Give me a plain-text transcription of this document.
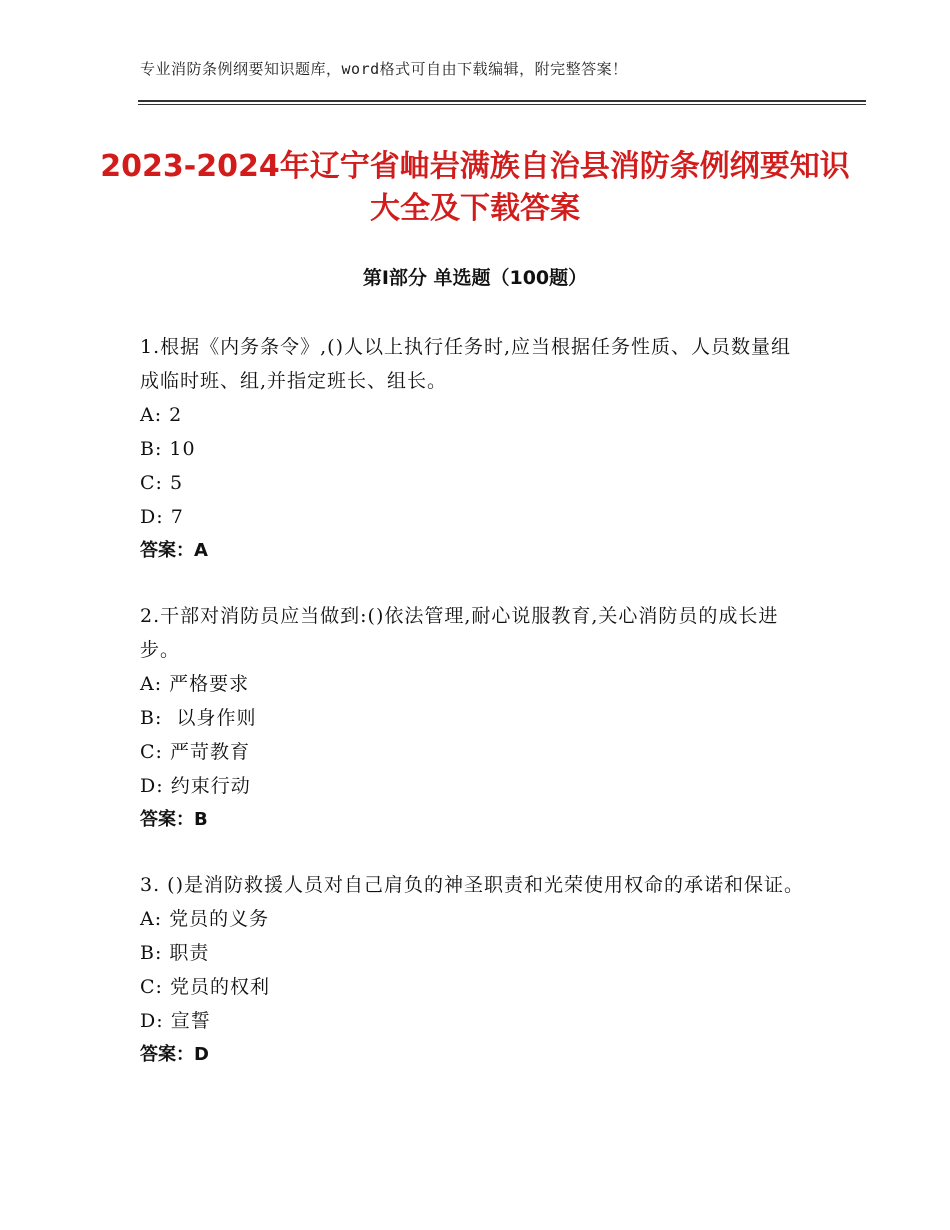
专业消防条例纲要知识题库，word格式可自由下载编辑，附完整答案！
2023-2024年辽宁省岫岩满族自治县消防条例纲要知识大全及下载答案
第Ⅰ部分 单选题（100题）

1.根据《内务条令》,()人以上执行任务时,应当根据任务性质、人员数量组成临时班、组,并指定班长、组长。

A:
2
B:
10
C:
5
D:
7
答案： A

2.干部对消防员应当做到:()依法管理,耐心说服教育,关心消防员的成长进步。

A:
严格要求
B:
以身作则
C:
严苛教育
D:
约束行动
答案： B

3. ()是消防救援人员对自己肩负的神圣职责和光荣使用权命的承诺和保证。

A:
党员的义务
B:
职责
C:
党员的权利
D:
宣誓
答案： D
